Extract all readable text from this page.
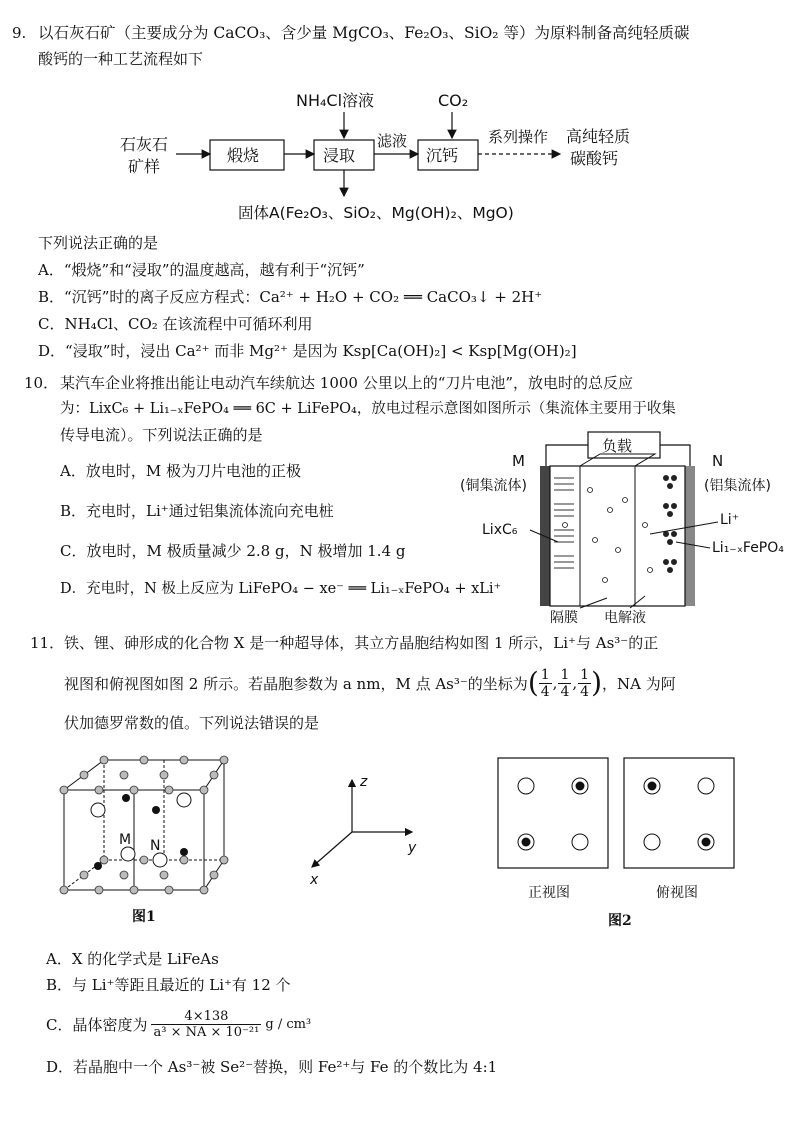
9. 以石灰石矿（主要成分为 CaCO₃、含少量 MgCO₃、Fe₂O₃、SiO₂ 等）为原料制备高纯轻质碳
酸钙的一种工艺流程如下
石灰石
矿样
煅烧	浸取
NH₄Cl溶液
滤液
沉钙
CO₂
系列操作 高纯轻质
碳酸钙
固体A(Fe₂O₃、SiO₂、Mg(OH)₂、MgO)
下列说法正确的是
A．“煅烧”和“浸取”的温度越高，越有利于“沉钙”
B．“沉钙”时的离子反应方程式：Ca²⁺ + H₂O + CO₂ ══ CaCO₃↓ + 2H⁺
C．NH₄Cl、CO₂ 在该流程中可循环利用
D．“浸取”时，浸出 Ca²⁺ 而非 Mg²⁺ 是因为 Ksp[Ca(OH)₂] < Ksp[Mg(OH)₂]
10． 某汽车企业将推出能让电动汽车续航达 1000 公里以上的“刀片电池”，放电时的总反应
为：LixC₆ + Li₁₋ₓFePO₄ ══ 6C + LiFePO₄，放电过程示意图如图所示（集流体主要用于收集
传导电流）。下列说法正确的是
A．放电时，M 极为刀片电池的正极
B．充电时，Li⁺通过铝集流体流向充电桩
C．放电时，M 极质量减少 2.8 g，N 极增加 1.4 g
D．充电时，N 极上反应为 LiFePO₄ − xe⁻ ══ Li₁₋ₓFePO₄ + xLi⁺
负载
M
(铜集流体)
N
(铝集流体)
LixC₆
Li⁺
Li₁₋ₓFePO₄
隔膜 电解液
11． 铁、锂、砷形成的化合物 X 是一种超导体，其立方晶胞结构如图 1 所示，Li⁺与 As³⁻的正
视图和俯视图如图 2 所示。若晶胞参数为 a nm，M 点 As³⁻的坐标为 ( $\frac{1}{4}$ , $\frac{1}{4}$ , $\frac{1}{4}$ ) ，NA 为阿
伏加德罗常数的值。下列说法错误的是
M N
图1
z
y
x
正视图	俯视图
图2
A．X 的化学式是 LiFeAs
B．与 Li⁺等距且最近的 Li⁺有 12 个
C．晶体密度为 $\frac{4\times 138}{\text{a³ × NA × 10⁻²¹}}$ g / cm³
D．若晶胞中一个 As³⁻被 Se²⁻替换，则 Fe²⁺与 Fe 的个数比为 4:1
